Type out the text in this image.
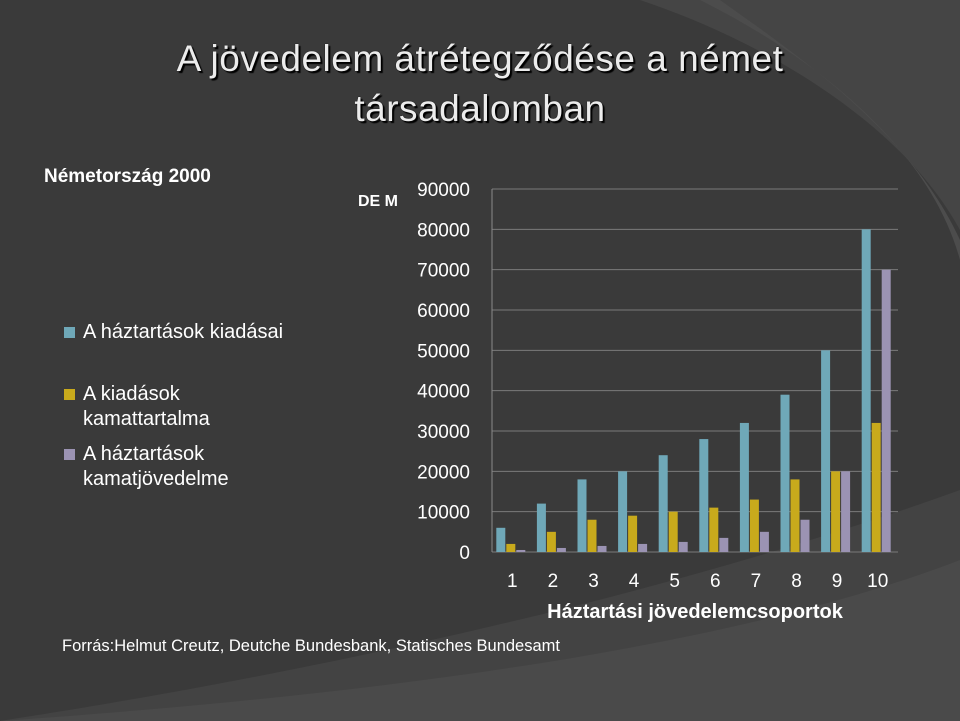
A jövedelem átrétegződése a német
társadalomban
Németország 2000
DE M
A háztartások kiadásai
A kiadások kamattartalma
A háztartások kamatjövedelme
0
10000
20000
30000
40000
50000
60000
70000
80000
90000
1 2 3 4 5 6 7 8 9 10
Háztartási jövedelemcsoportok
Forrás:Helmut Creutz, Deutche Bundesbank, Statisches Bundesamt
